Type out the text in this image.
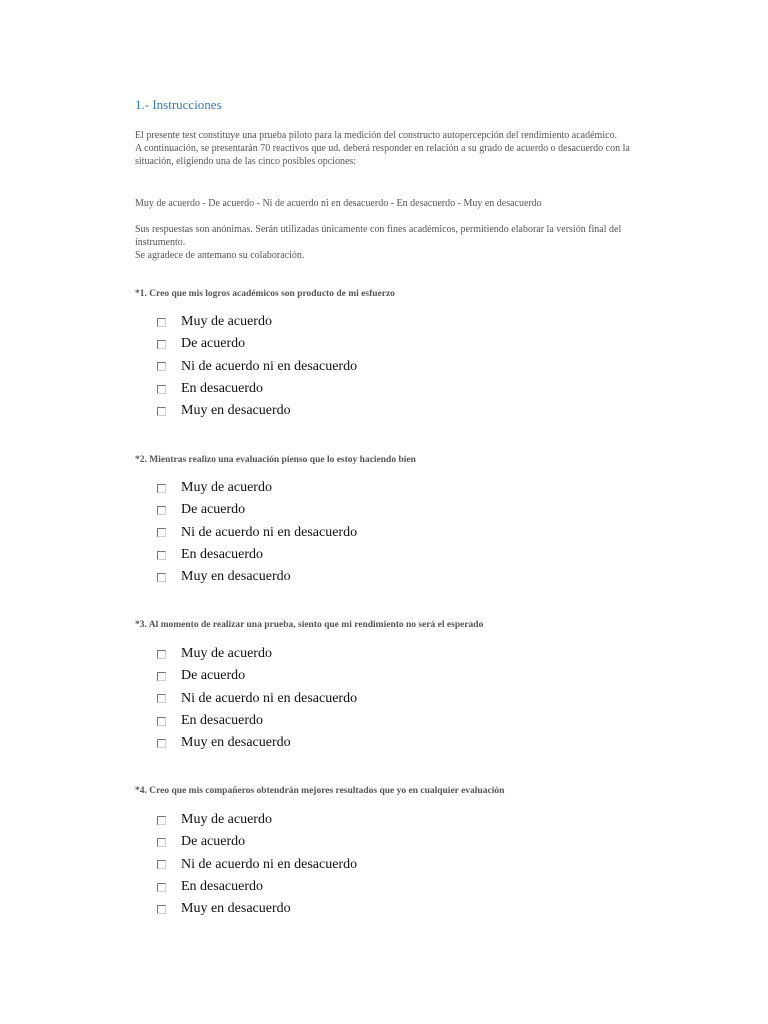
1.- Instrucciones

El presente test constituye una prueba piloto para la medición del constructo autopercepción del rendimiento académico.
A continuación, se presentarán 70 reactivos que ud. deberá responder en relación a su grado de acuerdo o desacuerdo con la situación, eligiendo una de las cinco posibles opciones:

Muy de acuerdo - De acuerdo - Ni de acuerdo ni en desacuerdo - En desacuerdo - Muy en desacuerdo

Sus respuestas son anónimas. Serán utilizadas únicamente con fines académicos, permitiendo elaborar la versión final del instrumento.
Se agradece de antemano su colaboración.

*1. Creo que mis logros académicos son producto de mi esfuerzo
Muy de acuerdo
De acuerdo
Ni de acuerdo ni en desacuerdo
En desacuerdo
Muy en desacuerdo
*2. Mientras realizo una evaluación pienso que lo estoy haciendo bien
Muy de acuerdo
De acuerdo
Ni de acuerdo ni en desacuerdo
En desacuerdo
Muy en desacuerdo
*3. Al momento de realizar una prueba, siento que mi rendimiento no será el esperado
Muy de acuerdo
De acuerdo
Ni de acuerdo ni en desacuerdo
En desacuerdo
Muy en desacuerdo
*4. Creo que mis compañeros obtendrán mejores resultados que yo en cualquier evaluación
Muy de acuerdo
De acuerdo
Ni de acuerdo ni en desacuerdo
En desacuerdo
Muy en desacuerdo
